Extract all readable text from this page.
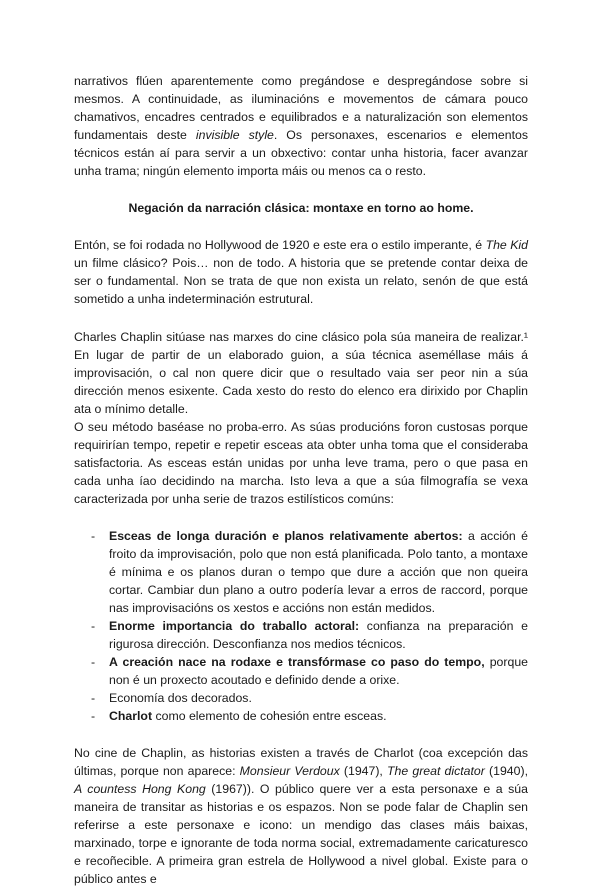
narrativos flúen aparentemente como pregándose e despregándose sobre si mesmos. A continuidade, as iluminacións e movementos de cámara pouco chamativos, encadres centrados e equilibrados e a naturalización son elementos fundamentais deste invisible style. Os personaxes, escenarios e elementos técnicos están aí para servir a un obxectivo: contar unha historia, facer avanzar unha trama; ningún elemento importa máis ou menos ca o resto.

Negación da narración clásica: montaxe en torno ao home.

Entón, se foi rodada no Hollywood de 1920 e este era o estilo imperante, é The Kid un filme clásico? Pois… non de todo. A historia que se pretende contar deixa de ser o fundamental. Non se trata de que non exista un relato, senón de que está sometido a unha indeterminación estrutural.

Charles Chaplin sitúase nas marxes do cine clásico pola súa maneira de realizar.¹ En lugar de partir de un elaborado guion, a súa técnica aseméllase máis á improvisación, o cal non quere dicir que o resultado vaia ser peor nin a súa dirección menos esixente. Cada xesto do resto do elenco era dirixido por Chaplin ata o mínimo detalle.

O seu método baséase no proba-erro. As súas producións foron custosas porque requirirían tempo, repetir e repetir esceas ata obter unha toma que el consideraba satisfactoria. As esceas están unidas por unha leve trama, pero o que pasa en cada unha íao decidindo na marcha. Isto leva a que a súa filmografía se vexa caracterizada por unha serie de trazos estilísticos comúns:

- Esceas de longa duración e planos relativamente abertos: a acción é froito da improvisación, polo que non está planificada. Polo tanto, a montaxe é mínima e os planos duran o tempo que dure a acción que non queira cortar. Cambiar dun plano a outro podería levar a erros de raccord, porque nas improvisacións os xestos e accións non están medidos.
- Enorme importancia do traballo actoral: confianza na preparación e rigurosa dirección. Desconfianza nos medios técnicos.
- A creación nace na rodaxe e transfórmase co paso do tempo, porque non é un proxecto acoutado e definido dende a orixe.
- Economía dos decorados.
- Charlot como elemento de cohesión entre esceas.

No cine de Chaplin, as historias existen a través de Charlot (coa excepción das últimas, porque non aparece: Monsieur Verdoux (1947), The great dictator (1940), A countess Hong Kong (1967)). O público quere ver a esta personaxe e a súa maneira de transitar as historias e os espazos. Non se pode falar de Chaplin sen referirse a este personaxe e icono: un mendigo das clases máis baixas, marxinado, torpe e ignorante de toda norma social, extremadamente caricaturesco e recoñecible. A primeira gran estrela de Hollywood a nivel global. Existe para o público antes e
